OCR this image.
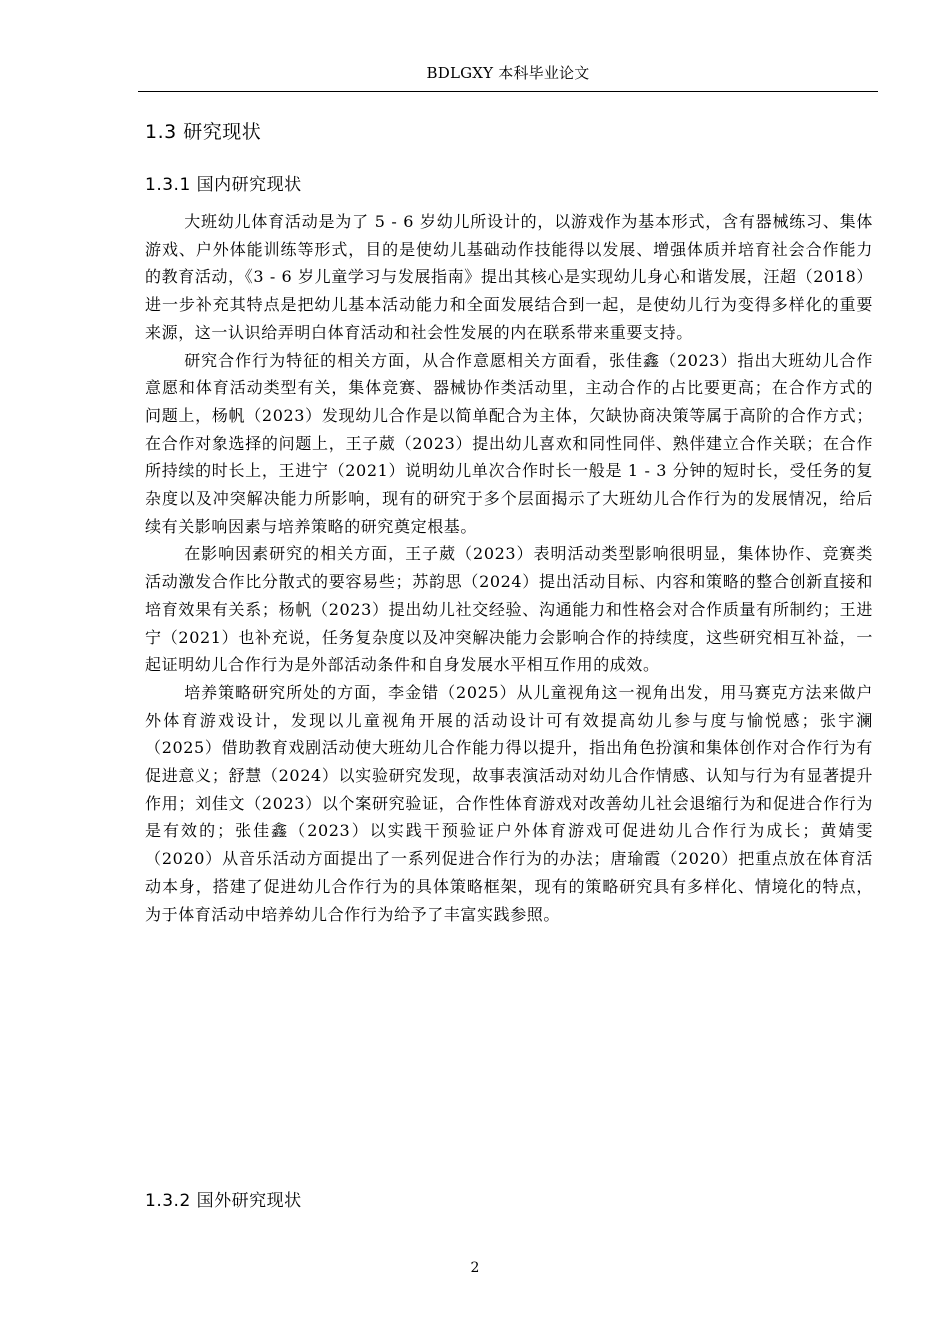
BDLGXY 本科毕业论文
1.3 研究现状
1.3.1 国内研究现状

大班幼儿体育活动是为了 5 - 6 岁幼儿所设计的，以游戏作为基本形式，含有器械练习、集体游戏、户外体能训练等形式，目的是使幼儿基础动作技能得以发展、增强体质并培育社会合作能力的教育活动，《3 - 6 岁儿童学习与发展指南》提出其核心是实现幼儿身心和谐发展，汪超（2018）进一步补充其特点是把幼儿基本活动能力和全面发展结合到一起，是使幼儿行为变得多样化的重要来源，这一认识给弄明白体育活动和社会性发展的内在联系带来重要支持。

研究合作行为特征的相关方面，从合作意愿相关方面看，张佳鑫（2023）指出大班幼儿合作意愿和体育活动类型有关，集体竞赛、器械协作类活动里，主动合作的占比要更高；在合作方式的问题上，杨帆（2023）发现幼儿合作是以简单配合为主体，欠缺协商决策等属于高阶的合作方式；在合作对象选择的问题上，王子葳（2023）提出幼儿喜欢和同性同伴、熟伴建立合作关联；在合作所持续的时长上，王进宁（2021）说明幼儿单次合作时长一般是 1 - 3 分钟的短时长，受任务的复杂度以及冲突解决能力所影响，现有的研究于多个层面揭示了大班幼儿合作行为的发展情况，给后续有关影响因素与培养策略的研究奠定根基。

在影响因素研究的相关方面，王子葳（2023）表明活动类型影响很明显，集体协作、竞赛类活动激发合作比分散式的要容易些；苏韵思（2024）提出活动目标、内容和策略的整合创新直接和培育效果有关系；杨帆（2023）提出幼儿社交经验、沟通能力和性格会对合作质量有所制约；王进宁（2021）也补充说，任务复杂度以及冲突解决能力会影响合作的持续度，这些研究相互补益，一起证明幼儿合作行为是外部活动条件和自身发展水平相互作用的成效。

培养策略研究所处的方面，李金错（2025）从儿童视角这一视角出发，用马赛克方法来做户外体育游戏设计，发现以儿童视角开展的活动设计可有效提高幼儿参与度与愉悦感；张宇澜（2025）借助教育戏剧活动使大班幼儿合作能力得以提升，指出角色扮演和集体创作对合作行为有促进意义；舒慧（2024）以实验研究发现，故事表演活动对幼儿合作情感、认知与行为有显著提升作用；刘佳文（2023）以个案研究验证，合作性体育游戏对改善幼儿社会退缩行为和促进合作行为是有效的；张佳鑫（2023）以实践干预验证户外体育游戏可促进幼儿合作行为成长；黄婧雯（2020）从音乐活动方面提出了一系列促进合作行为的办法；唐瑜霞（2020）把重点放在体育活动本身，搭建了促进幼儿合作行为的具体策略框架，现有的策略研究具有多样化、情境化的特点，为于体育活动中培养幼儿合作行为给予了丰富实践参照。

1.3.2 国外研究现状
2
